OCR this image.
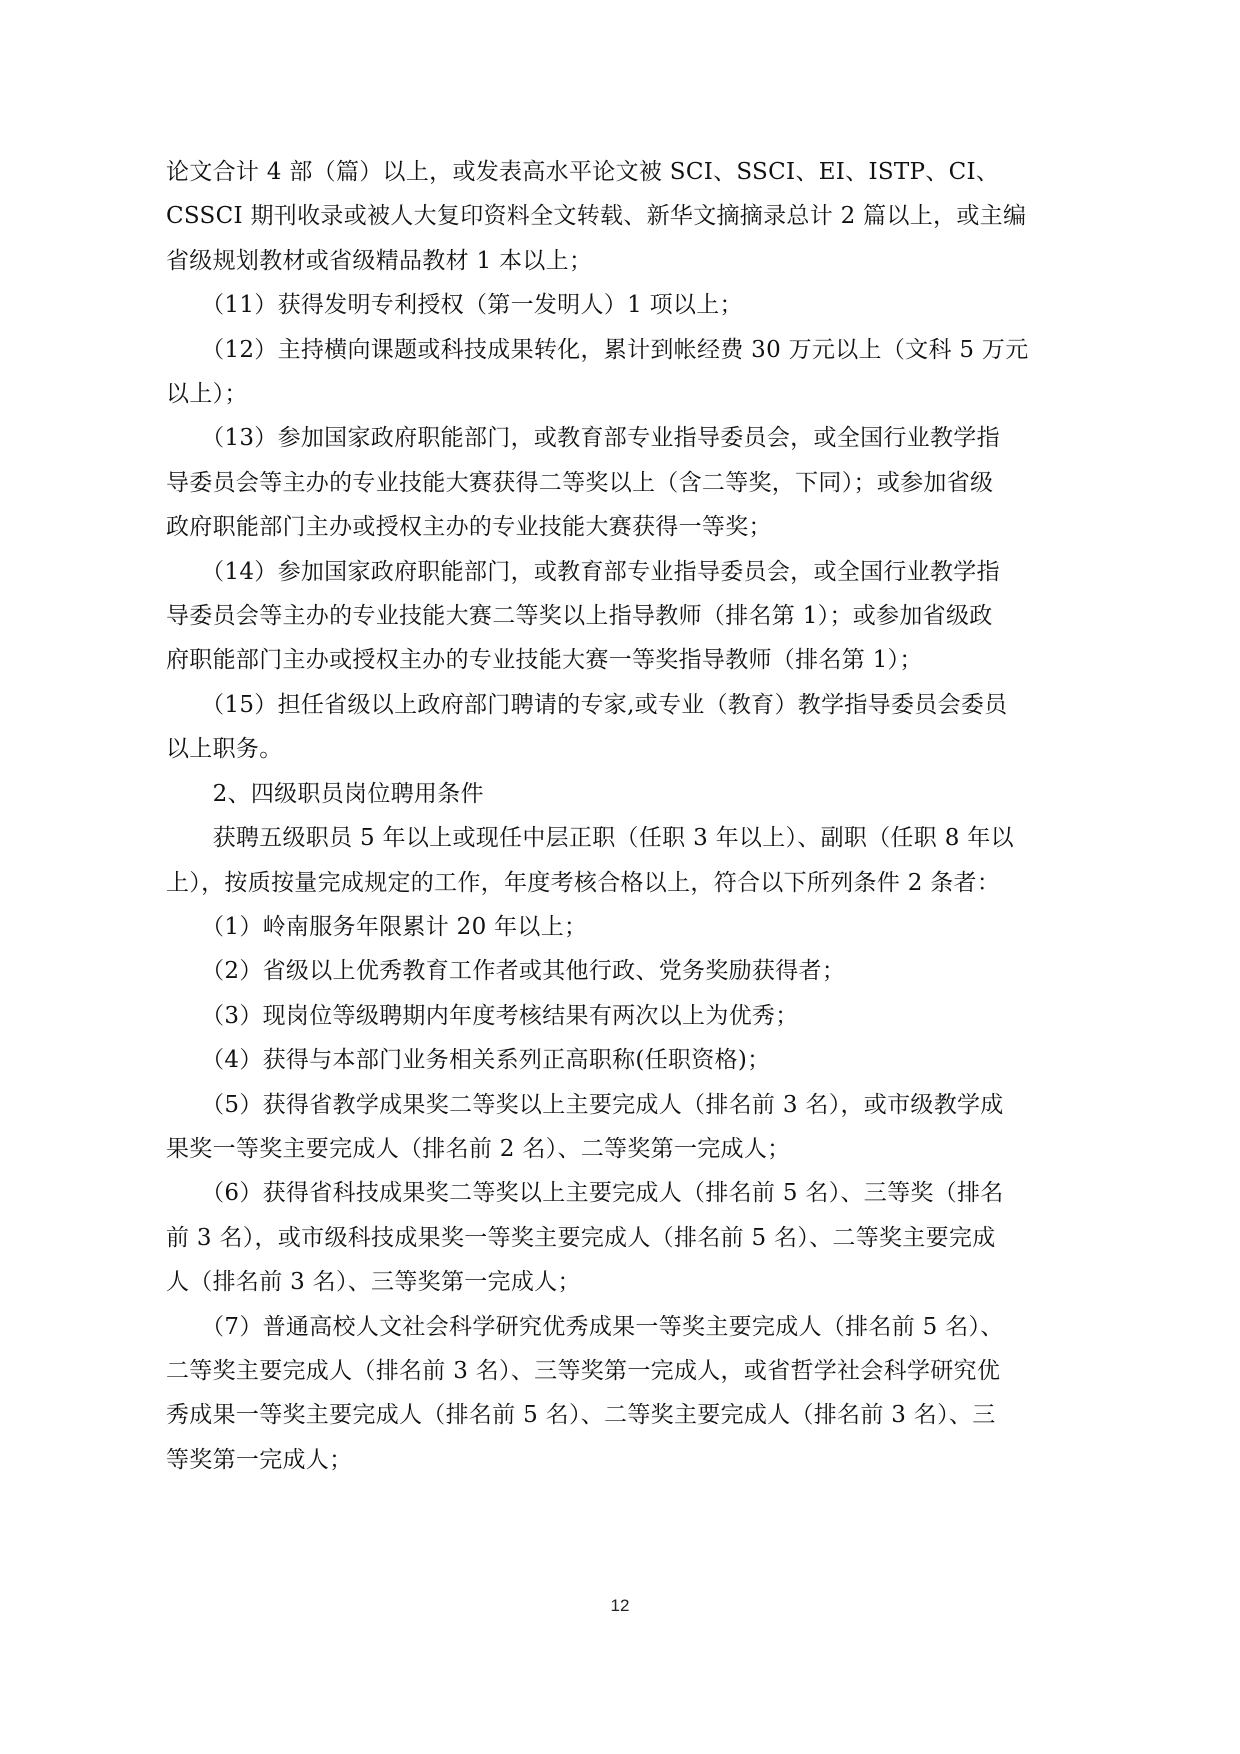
论文合计 4 部（篇）以上，或发表高水平论文被 SCI、SSCI、EI、ISTP、CI、

CSSCI 期刊收录或被人大复印资料全文转载、新华文摘摘录总计 2 篇以上，或主编

省级规划教材或省级精品教材 1 本以上；

　　（11）获得发明专利授权（第一发明人）1 项以上；

　　（12）主持横向课题或科技成果转化，累计到帐经费 30 万元以上（文科 5 万元

以上）；

　　（13）参加国家政府职能部门，或教育部专业指导委员会，或全国行业教学指

导委员会等主办的专业技能大赛获得二等奖以上（含二等奖，下同）；或参加省级

政府职能部门主办或授权主办的专业技能大赛获得一等奖；

　　（14）参加国家政府职能部门，或教育部专业指导委员会，或全国行业教学指

导委员会等主办的专业技能大赛二等奖以上指导教师（排名第 1）；或参加省级政

府职能部门主办或授权主办的专业技能大赛一等奖指导教师（排名第 1）；

　　（15）担任省级以上政府部门聘请的专家,或专业（教育）教学指导委员会委员

以上职务。

　　2、四级职员岗位聘用条件

　　获聘五级职员 5 年以上或现任中层正职（任职 3 年以上）、副职（任职 8 年以

上），按质按量完成规定的工作，年度考核合格以上，符合以下所列条件 2 条者：

　　（1）岭南服务年限累计 20 年以上；

　　（2）省级以上优秀教育工作者或其他行政、党务奖励获得者；

　　（3）现岗位等级聘期内年度考核结果有两次以上为优秀；

　　（4）获得与本部门业务相关系列正高职称(任职资格)；

　　（5）获得省教学成果奖二等奖以上主要完成人（排名前 3 名），或市级教学成

果奖一等奖主要完成人（排名前 2 名）、二等奖第一完成人；

　　（6）获得省科技成果奖二等奖以上主要完成人（排名前 5 名）、三等奖（排名

前 3 名），或市级科技成果奖一等奖主要完成人（排名前 5 名）、二等奖主要完成

人（排名前 3 名）、三等奖第一完成人；

　　（7）普通高校人文社会科学研究优秀成果一等奖主要完成人（排名前 5 名）、

二等奖主要完成人（排名前 3 名）、三等奖第一完成人，或省哲学社会科学研究优

秀成果一等奖主要完成人（排名前 5 名）、二等奖主要完成人（排名前 3 名）、三

等奖第一完成人；

12
